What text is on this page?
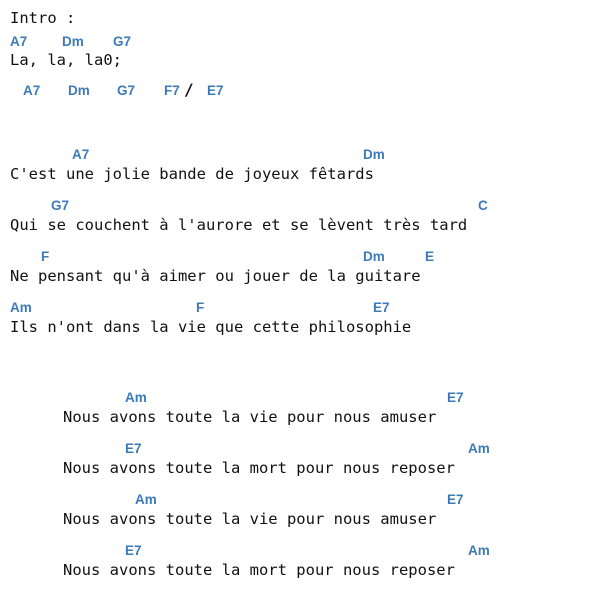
Intro :
A7	Dm G7
La, la, la0;
A7 Dm G7 F7 / E7
A7	Dm
C'est une jolie bande de joyeux fêtards
G7	C
Qui se couchent à l'aurore et se lèvent très tard
F	Dm	E
Ne pensant qu'à aimer ou jouer de la guitare
Am	F	E7
Ils n'ont dans la vie que cette philosophie
Am	E7
Nous avons toute la vie pour nous amuser
E7	Am
Nous avons toute la mort pour nous reposer
Am	E7
Nous avons toute la vie pour nous amuser
E7	Am
Nous avons toute la mort pour nous reposer
